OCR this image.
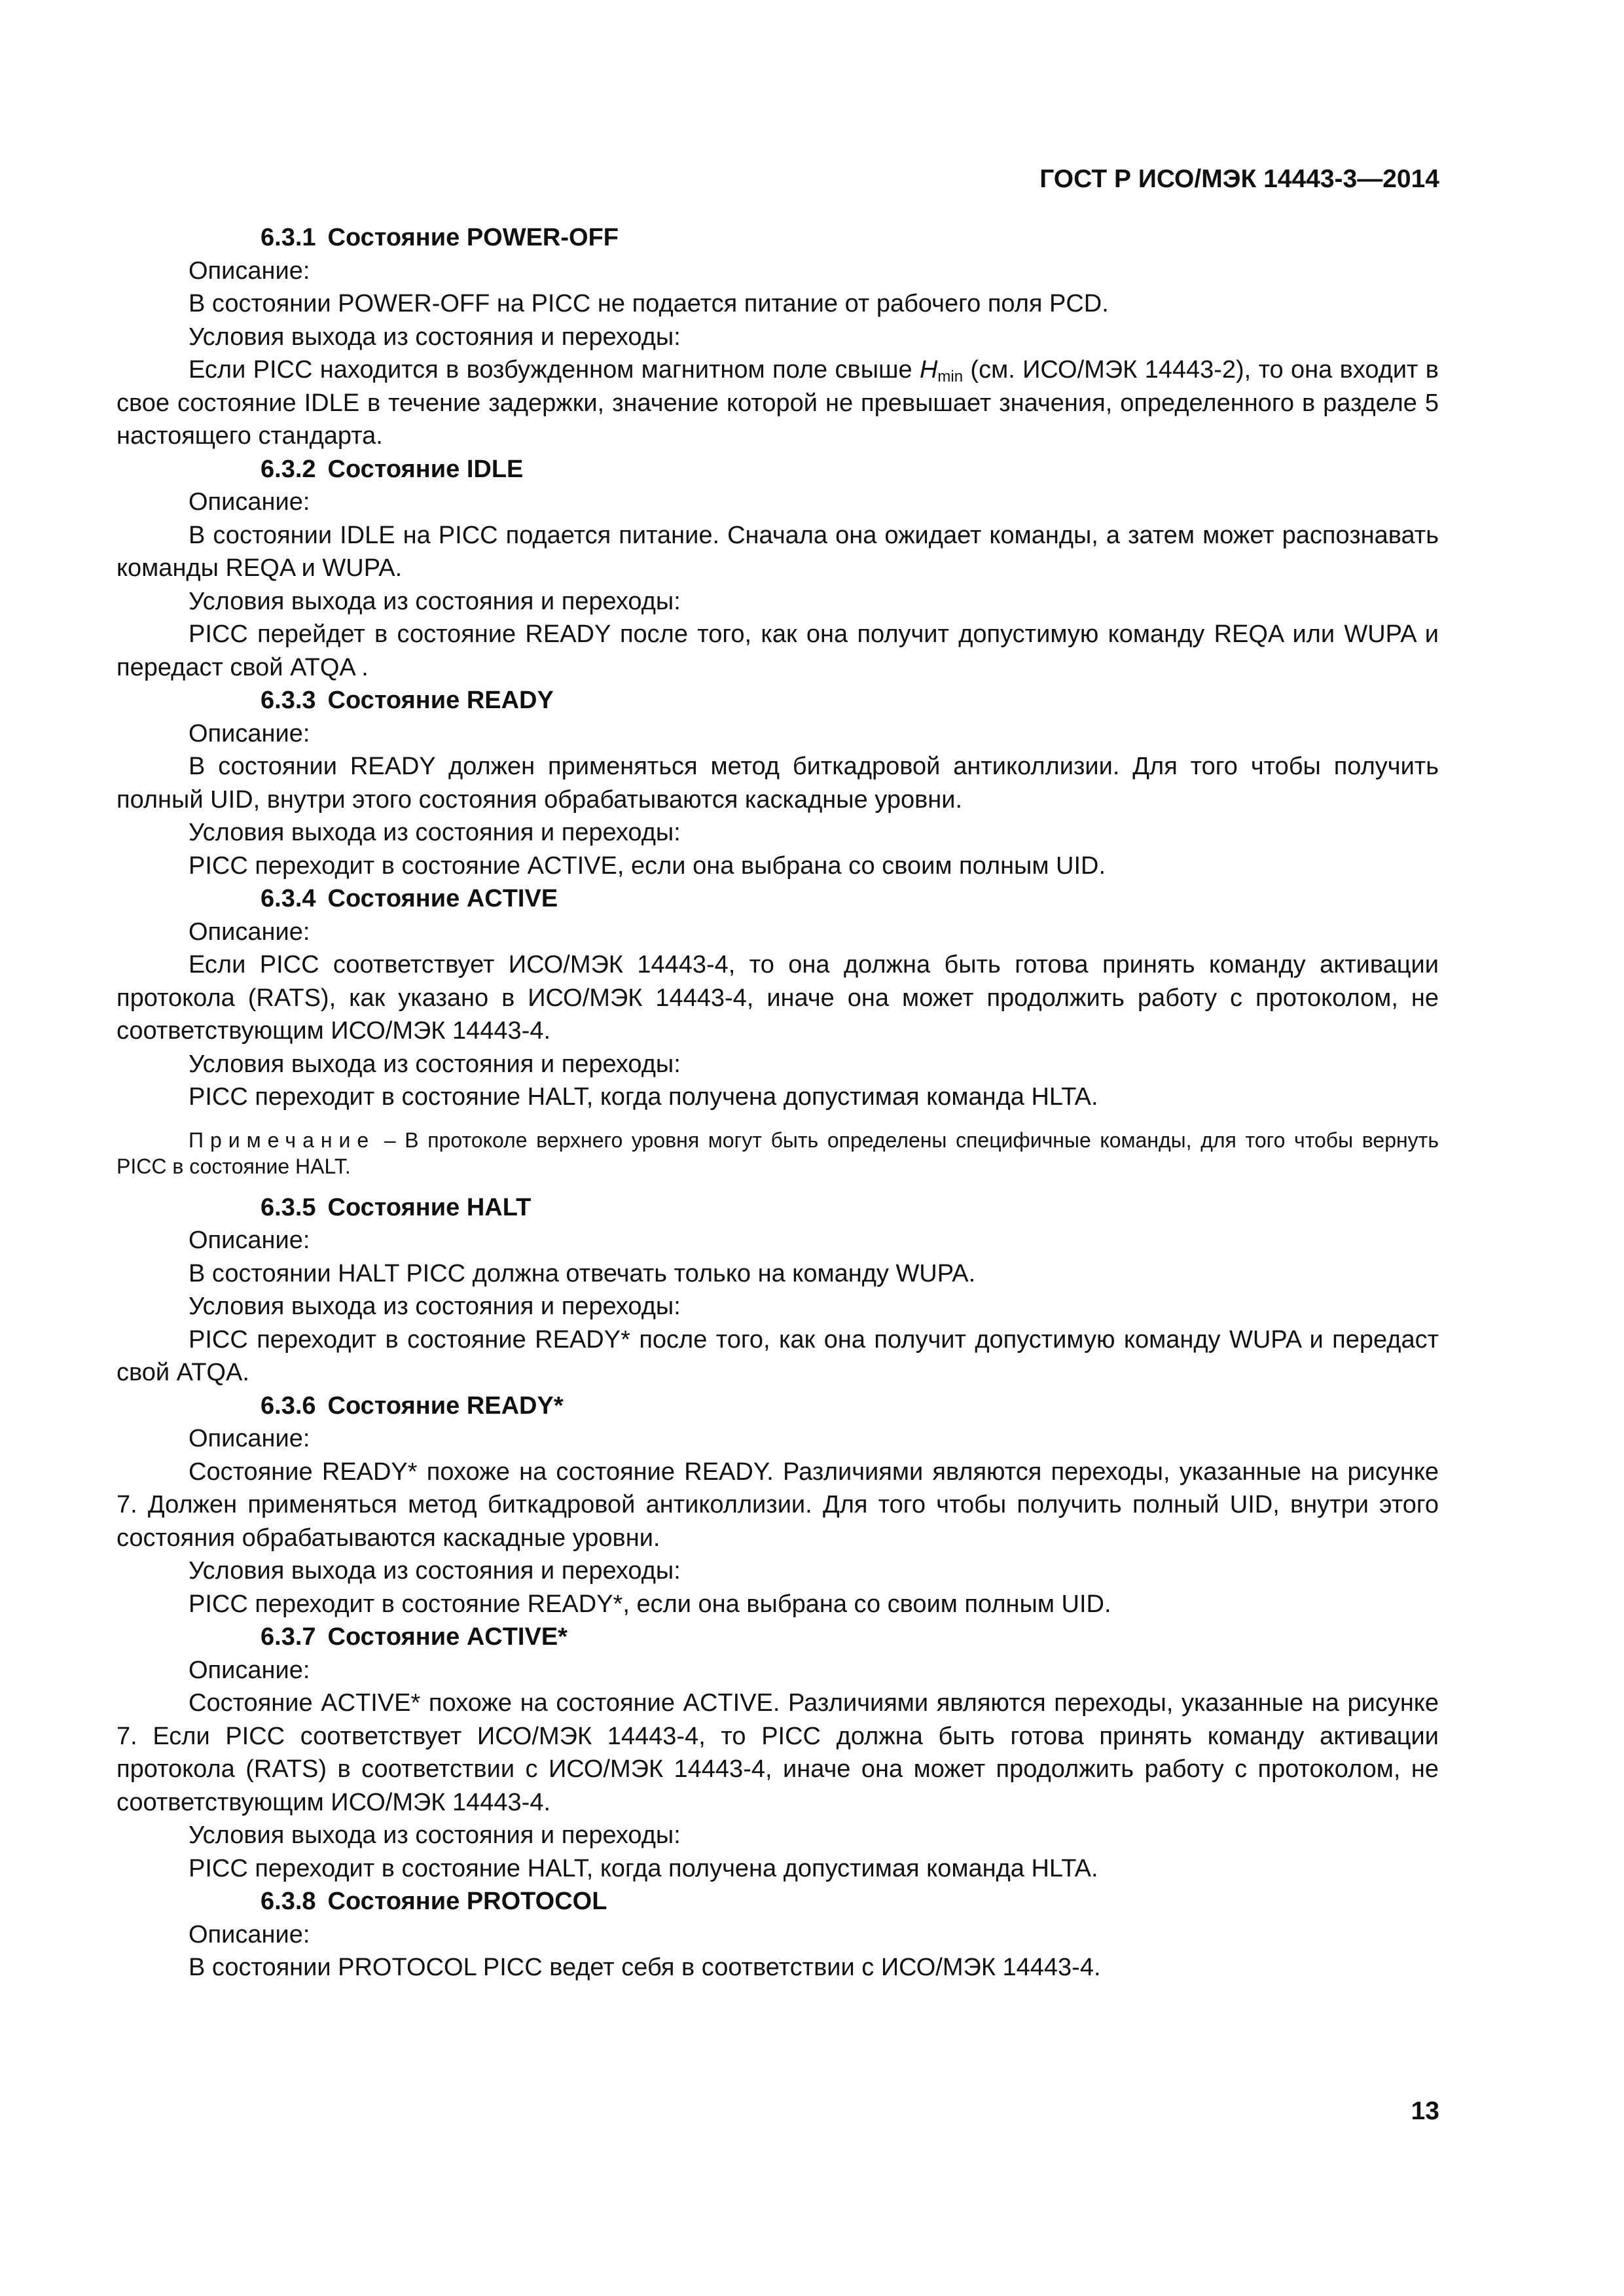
ГОСТ Р ИСО/МЭК 14443-3—2014

6.3.1 Состояние POWER-OFF

Описание:

В состоянии POWER-OFF на PICC не подается питание от рабочего поля PCD.

Условия выхода из состояния и переходы:

Если PICC находится в возбужденном магнитном поле свыше $H_{min}$ (см. ИСО/МЭК 14443-2), то она входит в свое состояние IDLE в течение задержки, значение которой не превышает значения, определенного в разделе 5 настоящего стандарта.

6.3.2 Состояние IDLE

Описание:

В состоянии IDLE на PICC подается питание. Сначала она ожидает команды, а затем может распознавать команды REQA и WUPA.

Условия выхода из состояния и переходы:

PICC перейдет в состояние READY после того, как она получит допустимую команду REQA или WUPA и передаст свой ATQA .

6.3.3 Состояние READY

Описание:

В состоянии READY должен применяться метод биткадровой антиколлизии. Для того чтобы получить полный UID, внутри этого состояния обрабатываются каскадные уровни.

Условия выхода из состояния и переходы:

PICC переходит в состояние ACTIVE, если она выбрана со своим полным UID.

6.3.4 Состояние ACTIVE

Описание:

Если PICC соответствует ИСО/МЭК 14443-4, то она должна быть готова принять команду активации протокола (RATS), как указано в ИСО/МЭК 14443-4, иначе она может продолжить работу с протоколом, не соответствующим ИСО/МЭК 14443-4.

Условия выхода из состояния и переходы:

PICC переходит в состояние HALT, когда получена допустимая команда HLTA.

Примечание – В протоколе верхнего уровня могут быть определены специфичные команды, для того чтобы вернуть PICC в состояние HALT.

6.3.5 Состояние HALT

Описание:

В состоянии HALT PICC должна отвечать только на команду WUPA.

Условия выхода из состояния и переходы:

PICC переходит в состояние READY* после того, как она получит допустимую команду WUPA и передаст свой ATQA.

6.3.6 Состояние READY*

Описание:

Состояние READY* похоже на состояние READY. Различиями являются переходы, указанные на рисунке 7. Должен применяться метод биткадровой антиколлизии. Для того чтобы получить полный UID, внутри этого состояния обрабатываются каскадные уровни.

Условия выхода из состояния и переходы:

PICC переходит в состояние READY*, если она выбрана со своим полным UID.

6.3.7 Состояние ACTIVE*

Описание:

Состояние ACTIVE* похоже на состояние ACTIVE. Различиями являются переходы, указанные на рисунке 7. Если PICC соответствует ИСО/МЭК 14443-4, то PICC должна быть готова принять команду активации протокола (RATS) в соответствии с ИСО/МЭК 14443-4, иначе она может продолжить работу с протоколом, не соответствующим ИСО/МЭК 14443-4.

Условия выхода из состояния и переходы:

PICC переходит в состояние HALT, когда получена допустимая команда HLTA.

6.3.8 Состояние PROTOCOL

Описание:

В состоянии PROTOCOL PICC ведет себя в соответствии с ИСО/МЭК 14443-4.

13
